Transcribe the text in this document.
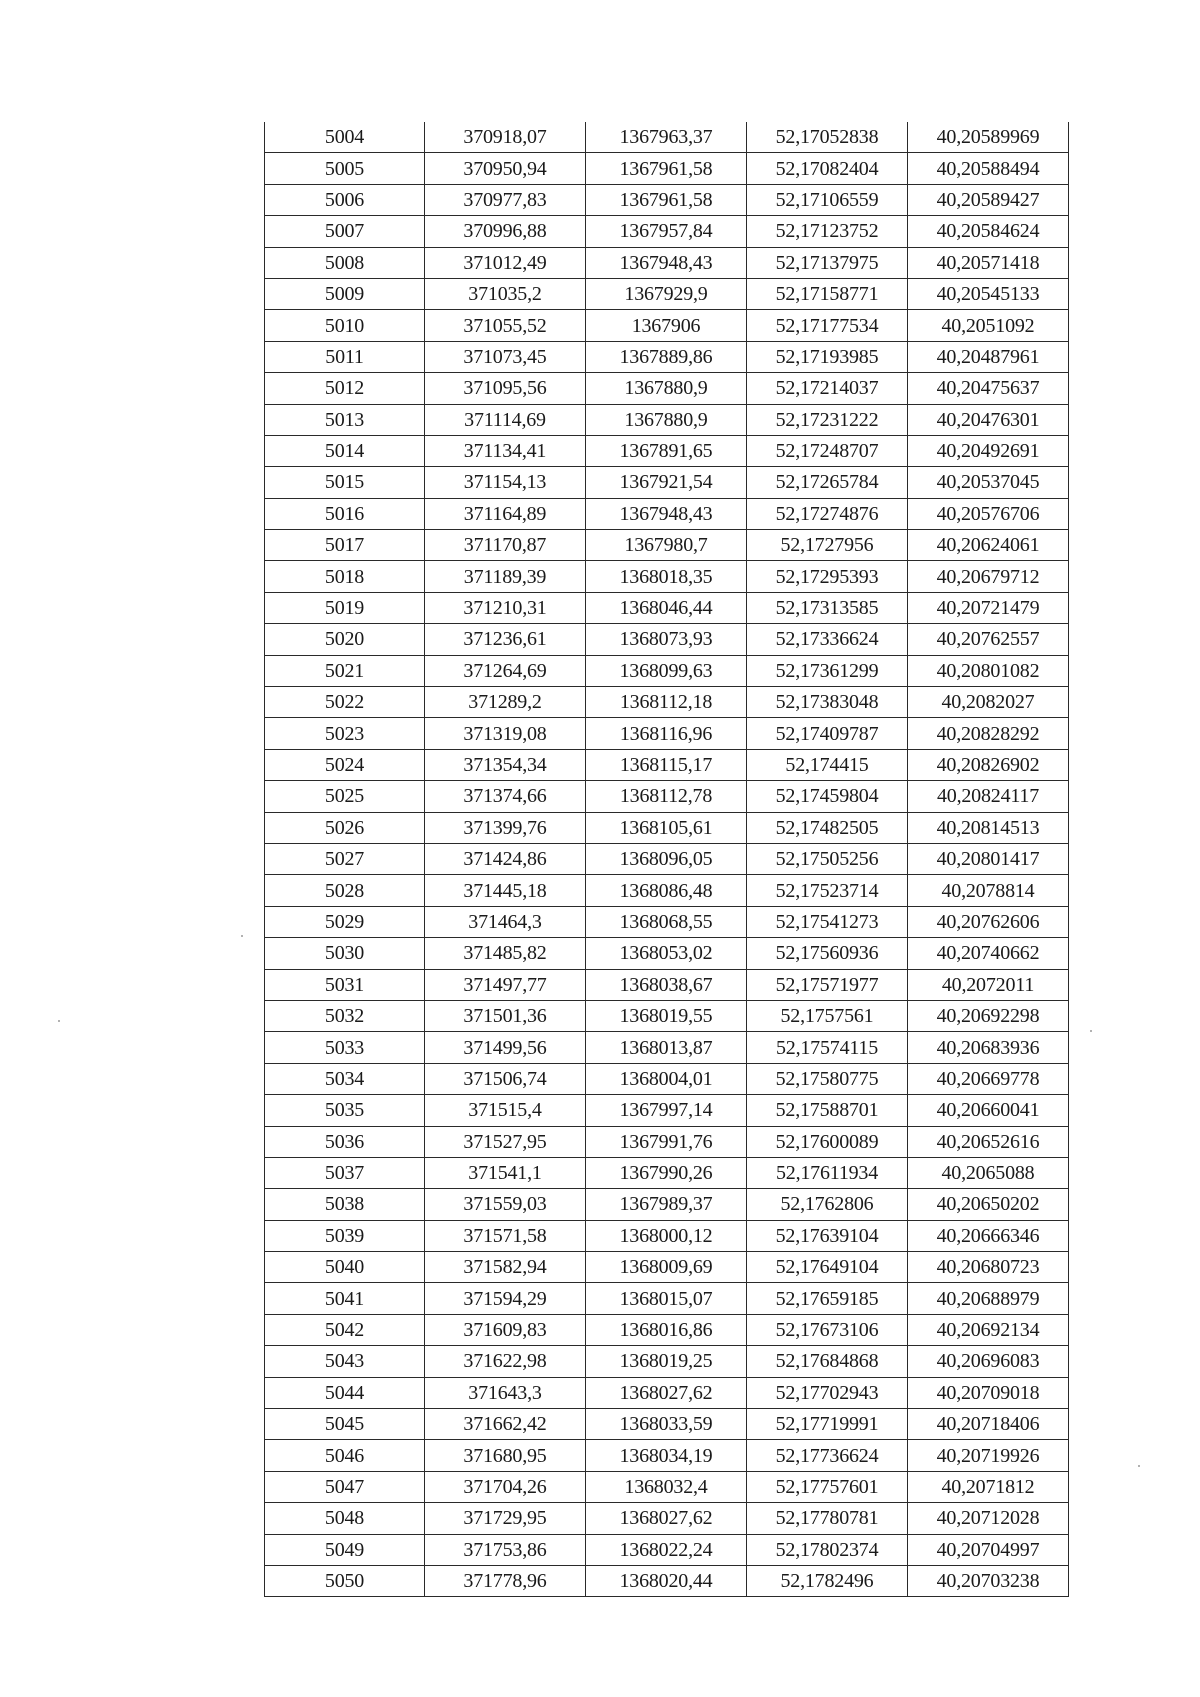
5004	370918,07	1367963,37	52,17052838	40,20589969
5005	370950,94	1367961,58	52,17082404	40,20588494
5006	370977,83	1367961,58	52,17106559	40,20589427
5007	370996,88	1367957,84	52,17123752	40,20584624
5008	371012,49	1367948,43	52,17137975	40,20571418
5009	371035,2	1367929,9	52,17158771	40,20545133
5010	371055,52	1367906	52,17177534	40,2051092
5011	371073,45	1367889,86	52,17193985	40,20487961
5012	371095,56	1367880,9	52,17214037	40,20475637
5013	371114,69	1367880,9	52,17231222	40,20476301
5014	371134,41	1367891,65	52,17248707	40,20492691
5015	371154,13	1367921,54	52,17265784	40,20537045
5016	371164,89	1367948,43	52,17274876	40,20576706
5017	371170,87	1367980,7	52,1727956	40,20624061
5018	371189,39	1368018,35	52,17295393	40,20679712
5019	371210,31	1368046,44	52,17313585	40,20721479
5020	371236,61	1368073,93	52,17336624	40,20762557
5021	371264,69	1368099,63	52,17361299	40,20801082
5022	371289,2	1368112,18	52,17383048	40,2082027
5023	371319,08	1368116,96	52,17409787	40,20828292
5024	371354,34	1368115,17	52,174415	40,20826902
5025	371374,66	1368112,78	52,17459804	40,20824117
5026	371399,76	1368105,61	52,17482505	40,20814513
5027	371424,86	1368096,05	52,17505256	40,20801417
5028	371445,18	1368086,48	52,17523714	40,2078814
5029	371464,3	1368068,55	52,17541273	40,20762606
5030	371485,82	1368053,02	52,17560936	40,20740662
5031	371497,77	1368038,67	52,17571977	40,2072011
5032	371501,36	1368019,55	52,1757561	40,20692298
5033	371499,56	1368013,87	52,17574115	40,20683936
5034	371506,74	1368004,01	52,17580775	40,20669778
5035	371515,4	1367997,14	52,17588701	40,20660041
5036	371527,95	1367991,76	52,17600089	40,20652616
5037	371541,1	1367990,26	52,17611934	40,2065088
5038	371559,03	1367989,37	52,1762806	40,20650202
5039	371571,58	1368000,12	52,17639104	40,20666346
5040	371582,94	1368009,69	52,17649104	40,20680723
5041	371594,29	1368015,07	52,17659185	40,20688979
5042	371609,83	1368016,86	52,17673106	40,20692134
5043	371622,98	1368019,25	52,17684868	40,20696083
5044	371643,3	1368027,62	52,17702943	40,20709018
5045	371662,42	1368033,59	52,17719991	40,20718406
5046	371680,95	1368034,19	52,17736624	40,20719926
5047	371704,26	1368032,4	52,17757601	40,2071812
5048	371729,95	1368027,62	52,17780781	40,20712028
5049	371753,86	1368022,24	52,17802374	40,20704997
5050	371778,96	1368020,44	52,1782496	40,20703238
